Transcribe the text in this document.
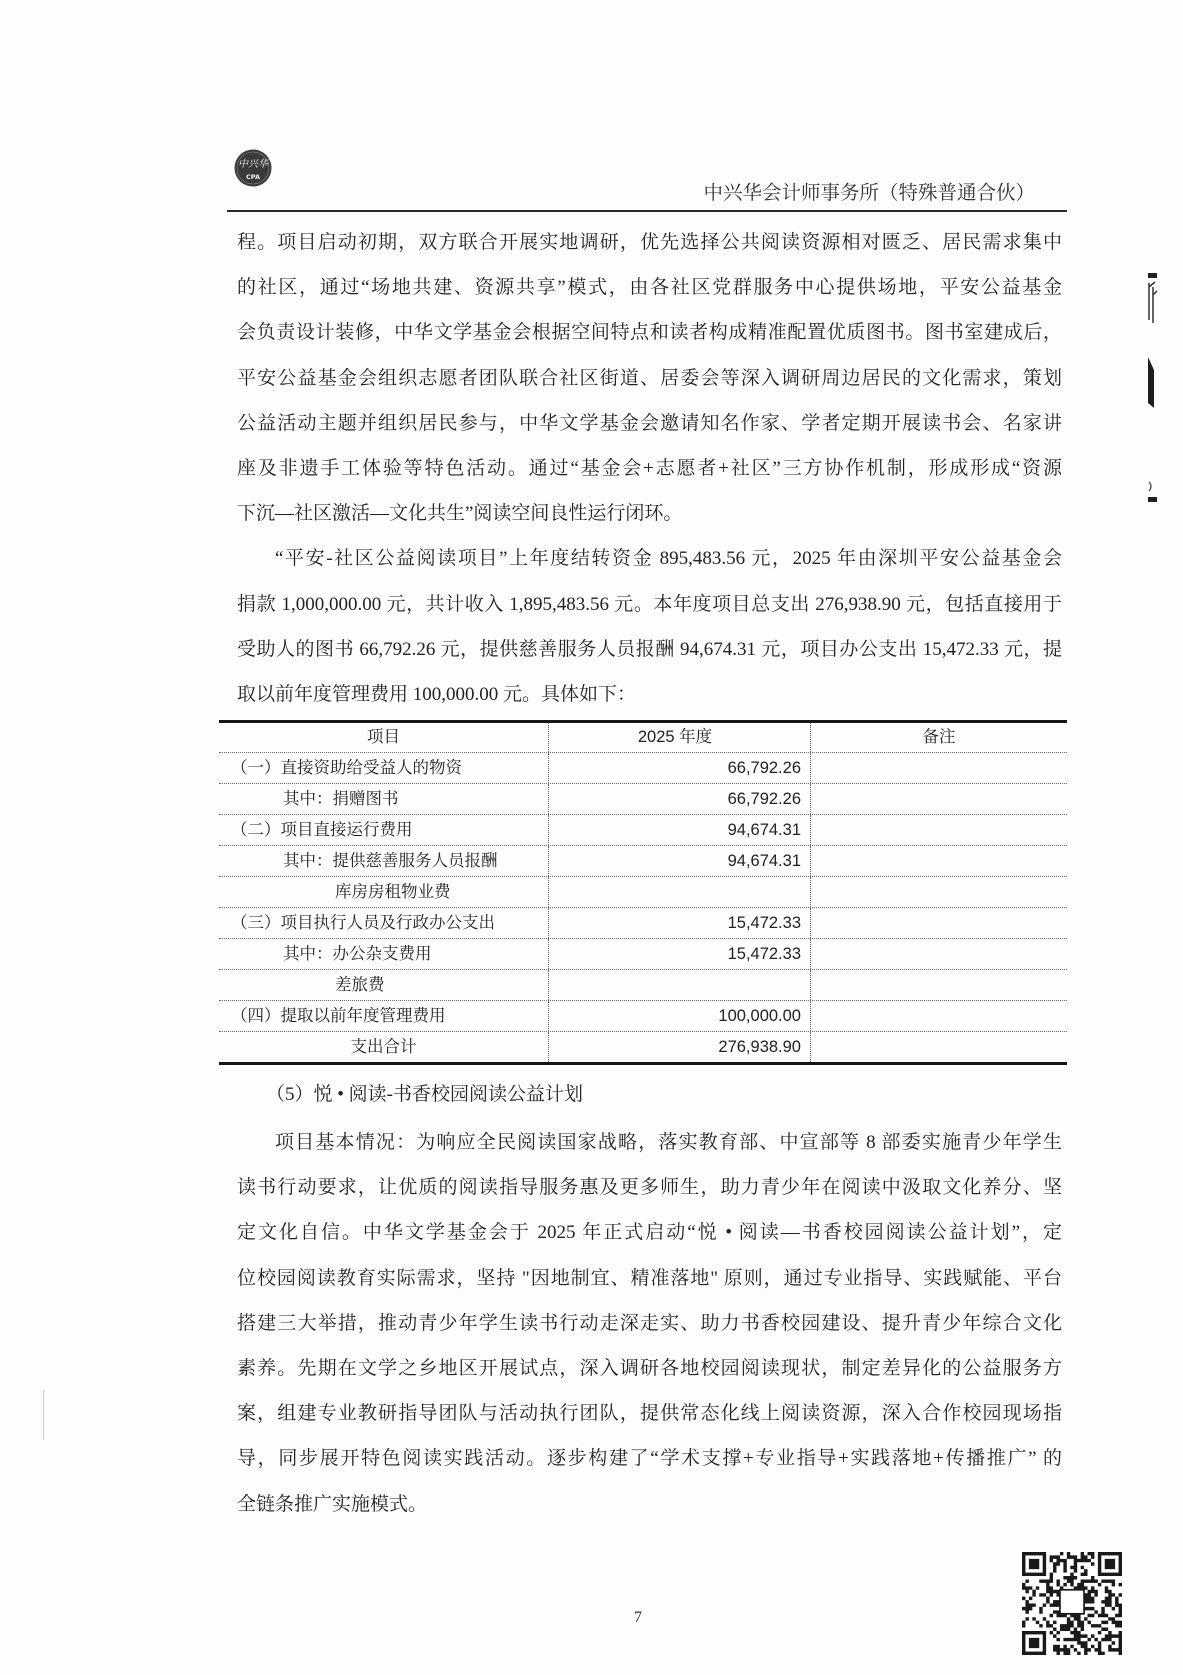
中兴华
CPA
中兴华会计师事务所（特殊普通合伙）
程。项目启动初期，双方联合开展实地调研，优先选择公共阅读资源相对匮乏、居民需求集中
的社区，通过“场地共建、资源共享”模式，由各社区党群服务中心提供场地，平安公益基金
会负责设计装修，中华文学基金会根据空间特点和读者构成精准配置优质图书。图书室建成后，
平安公益基金会组织志愿者团队联合社区街道、居委会等深入调研周边居民的文化需求，策划
公益活动主题并组织居民参与，中华文学基金会邀请知名作家、学者定期开展读书会、名家讲
座及非遗手工体验等特色活动。通过“基金会+志愿者+社区”三方协作机制，形成形成“资源
下沉—社区激活—文化共生”阅读空间良性运行闭环。
“平安-社区公益阅读项目”上年度结转资金 895,483.56 元，2025 年由深圳平安公益基金会
捐款 1,000,000.00 元，共计收入 1,895,483.56 元。本年度项目总支出 276,938.90 元，包括直接用于
受助人的图书 66,792.26 元，提供慈善服务人员报酬 94,674.31 元，项目办公支出 15,472.33 元，提
取以前年度管理费用 100,000.00 元。具体如下：
项目	2025 年度	备注
（一）直接资助给受益人的物资	66,792.26
其中：捐赠图书	66,792.26
（二）项目直接运行费用	94,674.31
其中：提供慈善服务人员报酬	94,674.31
库房房租物业费
（三）项目执行人员及行政办公支出	15,472.33
其中：办公杂支费用	15,472.33
差旅费
（四）提取以前年度管理费用	100,000.00
支出合计	276,938.90
（5）悦 • 阅读-书香校园阅读公益计划
项目基本情况：为响应全民阅读国家战略，落实教育部、中宣部等 8 部委实施青少年学生
读书行动要求，让优质的阅读指导服务惠及更多师生，助力青少年在阅读中汲取文化养分、坚
定文化自信。中华文学基金会于 2025 年正式启动“悦 • 阅读—书香校园阅读公益计划”，定
位校园阅读教育实际需求，坚持 "因地制宜、精准落地" 原则，通过专业指导、实践赋能、平台
搭建三大举措，推动青少年学生读书行动走深走实、助力书香校园建设、提升青少年综合文化
素养。先期在文学之乡地区开展试点，深入调研各地校园阅读现状，制定差异化的公益服务方
案，组建专业教研指导团队与活动执行团队，提供常态化线上阅读资源，深入合作校园现场指
导，同步展开特色阅读实践活动。逐步构建了“学术支撑+专业指导+实践落地+传播推广” 的
全链条推广实施模式。
7
